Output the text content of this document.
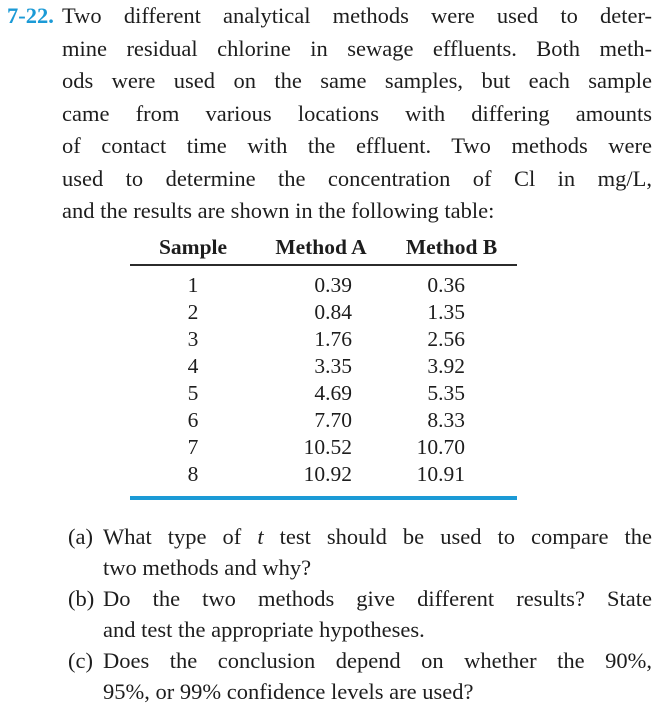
7-22. Two different analytical methods were used to deter-
mine residual chlorine in sewage effluents. Both meth-
ods were used on the same samples, but each sample
came from various locations with differing amounts
of contact time with the effluent. Two methods were
used to determine the concentration of Cl in mg/L,
and the results are shown in the following table:
Sample	Method A	Method B
1	0.39	0.36
2	0.84	1.35
3	1.76	2.56
4	3.35	3.92
5	4.69	5.35
6	7.70	8.33
7	10.52	10.70
8	10.92	10.91
(a) What type of t test should be used to compare the
two methods and why?
(b) Do the two methods give different results? State
and test the appropriate hypotheses.
(c) Does the conclusion depend on whether the 90%,
95%, or 99% confidence levels are used?
